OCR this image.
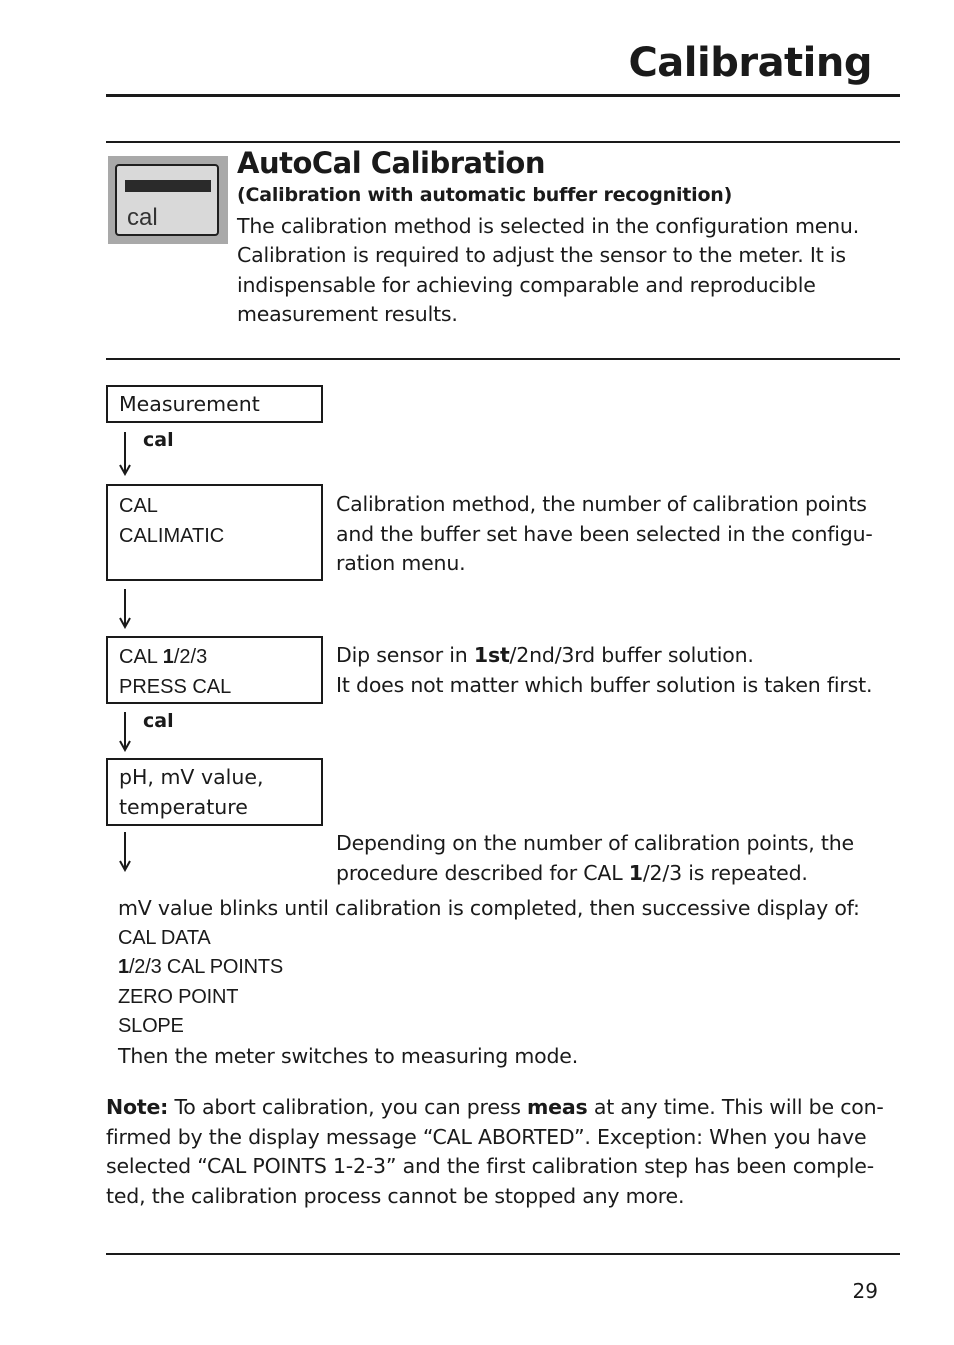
Calibrating
cal
AutoCal Calibration
(Calibration with automatic buffer recognition)
The calibration method is selected in the configuration menu.
Calibration is required to adjust the sensor to the meter. It is
indispensable for achieving comparable and reproducible
measurement results.
Measurement
cal
CAL
CALIMATIC
Calibration method, the number of calibration points
and the buffer set have been selected in the configu-
ration menu.
CAL 1/2/3
PRESS CAL
Dip sensor in 1st/2nd/3rd buffer solution.
It does not matter which buffer solution is taken first.
cal
pH, mV value,
temperature
Depending on the number of calibration points, the
procedure described for CAL 1/2/3 is repeated.
mV value blinks until calibration is completed, then successive display of:
CAL DATA
1/2/3 CAL POINTS
ZERO POINT
SLOPE
Then the meter switches to measuring mode.
Note: To abort calibration, you can press meas at any time. This will be con-
firmed by the display message “CAL ABORTED”. Exception: When you have
selected “CAL POINTS 1-2-3” and the first calibration step has been comple-
ted, the calibration process cannot be stopped any more.
29
